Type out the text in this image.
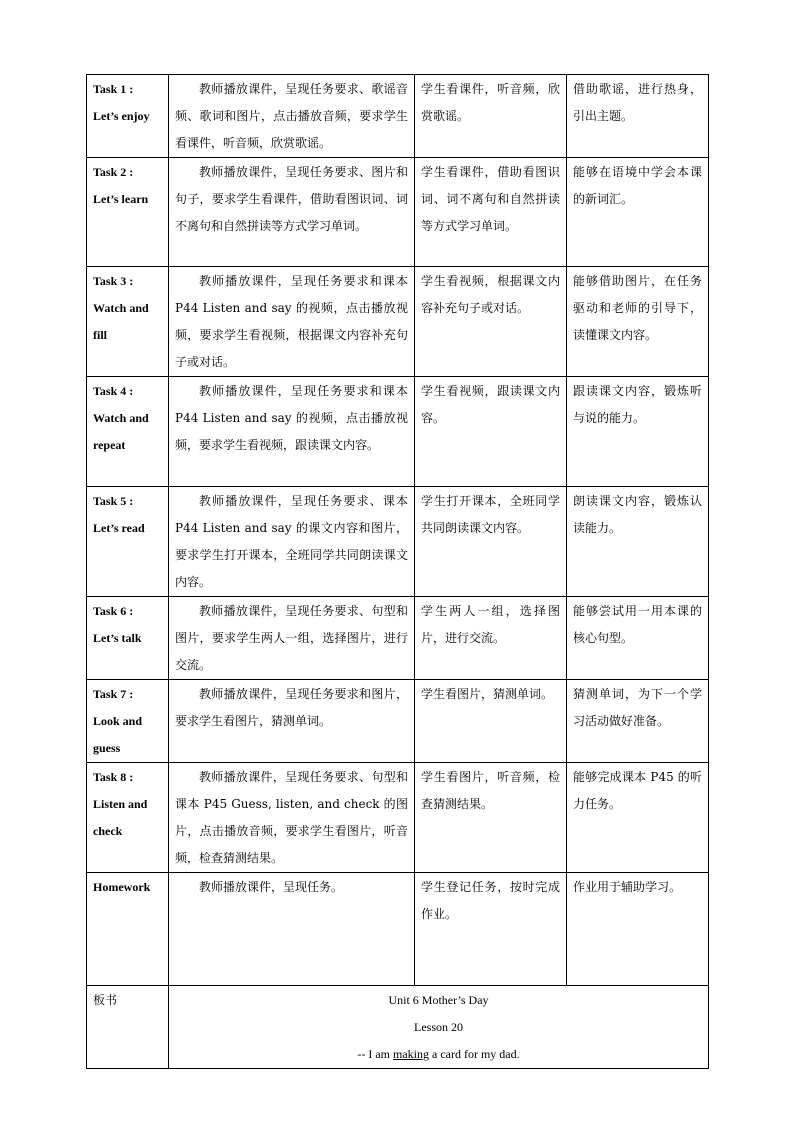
Task 1 :
Let’s enjoy	教师播放课件，呈现任务要求、歌谣音频、歌词和图片，点击播放音频，要求学生看课件，听音频，欣赏歌谣。	学生看课件，听音频，欣赏歌谣。	借助歌谣，进行热身，引出主题。

Task 2 :
Let’s learn	教师播放课件，呈现任务要求、图片和句子，要求学生看课件，借助看图识词、词不离句和自然拼读等方式学习单词。	学生看课件，借助看图识词、词不离句和自然拼读等方式学习单词。	能够在语境中学会本课的新词汇。

Task 3 :
Watch and
fill	教师播放课件，呈现任务要求和课本 P44 Listen and say 的视频，点击播放视频，要求学生看视频，根据课文内容补充句子或对话。	学生看视频，根据课文内容补充句子或对话。	能够借助图片，在任务驱动和老师的引导下，读懂课文内容。

Task 4 :
Watch and
repeat	教师播放课件，呈现任务要求和课本 P44 Listen and say 的视频，点击播放视频，要求学生看视频，跟读课文内容。	学生看视频，跟读课文内容。	跟读课文内容，锻炼听与说的能力。

Task 5 :
Let’s read	教师播放课件，呈现任务要求、课本 P44 Listen and say 的课文内容和图片，要求学生打开课本，全班同学共同朗读课文内容。	学生打开课本，全班同学共同朗读课文内容。	朗读课文内容，锻炼认读能力。

Task 6 :
Let’s talk	教师播放课件，呈现任务要求、句型和图片，要求学生两人一组，选择图片，进行交流。	学生两人一组，选择图片，进行交流。	能够尝试用一用本课的核心句型。

Task 7 :
Look and
guess	教师播放课件，呈现任务要求和图片，要求学生看图片，猜测单词。	学生看图片，猜测单词。	猜测单词，为下一个学习活动做好准备。

Task 8 :
Listen and
check	教师播放课件，呈现任务要求、句型和课本 P45 Guess, listen, and check 的图片，点击播放音频，要求学生看图片，听音频，检查猜测结果。	学生看图片，听音频，检查猜测结果。	能够完成课本 P45 的听力任务。

Homework	教师播放课件，呈现任务。	学生登记任务，按时完成作业。	作业用于辅助学习。
板书	Unit 6 Mother’s Day
Lesson 20
-- I am making a card for my dad.		
